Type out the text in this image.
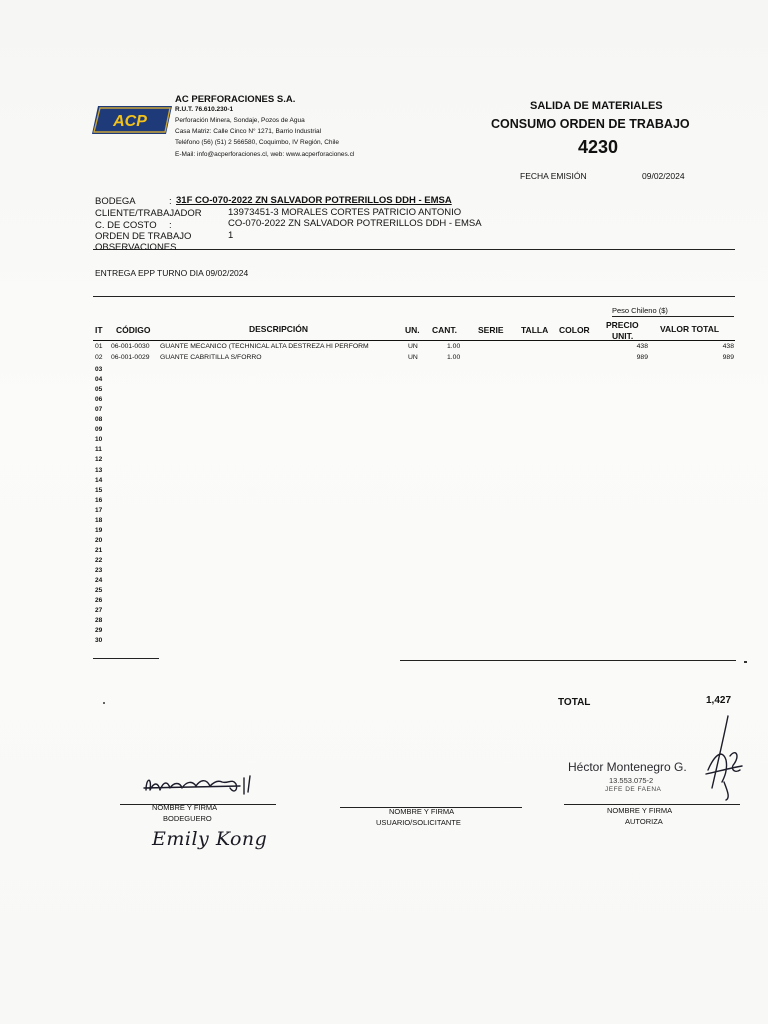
ACP
AC PERFORACIONES S.A.
R.U.T. 76.610.230-1
Perforación Minera, Sondaje, Pozos de Agua
Casa Matriz: Calle Cinco N° 1271, Barrio Industrial
Teléfono (56) (51) 2 566580, Coquimbo, IV Región, Chile
E-Mail: info@acperforaciones.cl, web: www.acperforaciones.cl
SALIDA DE MATERIALES
CONSUMO ORDEN DE TRABAJO
4230
FECHA EMISIÓN	09/02/2024
BODEGA	: 31F CO-070-2022 ZN SALVADOR POTRERILLOS DDH - EMSA
CLIENTE/TRABAJADOR	13973451-3 MORALES CORTES PATRICIO ANTONIO
C. DE COSTO :	CO-070-2022 ZN SALVADOR POTRERILLOS DDH - EMSA
ORDEN DE TRABAJO	1
OBSERVACIONES
ENTREGA EPP TURNO DIA 09/02/2024
Peso Chileno ($)
IT CÓDIGO	DESCRIPCIÓN	UN. CANT. SERIE TALLA COLOR PRECIO
UNIT.
VALOR TOTAL
01 06-001-0030 GUANTE MECANICO (TECHNICAL ALTA DESTREZA HI PERFORM	UN	1.00	438	438
02 06-001-0029 GUANTE CABRITILLA S/FORRO	UN	1.00	989	989
03
04
05
06
07
08
09
10
11
12
13
14
15
16
17
18
19
20
21
22
23
24
25
26
27
28
29
30
TOTAL	1,427
NOMBRE Y FIRMA
BODEGUERO
Emily Kong
NOMBRE Y FIRMA
USUARIO/SOLICITANTE
Héctor Montenegro G.
13.553.075-2
JEFE DE FAENA
NOMBRE Y FIRMA
AUTORIZA
